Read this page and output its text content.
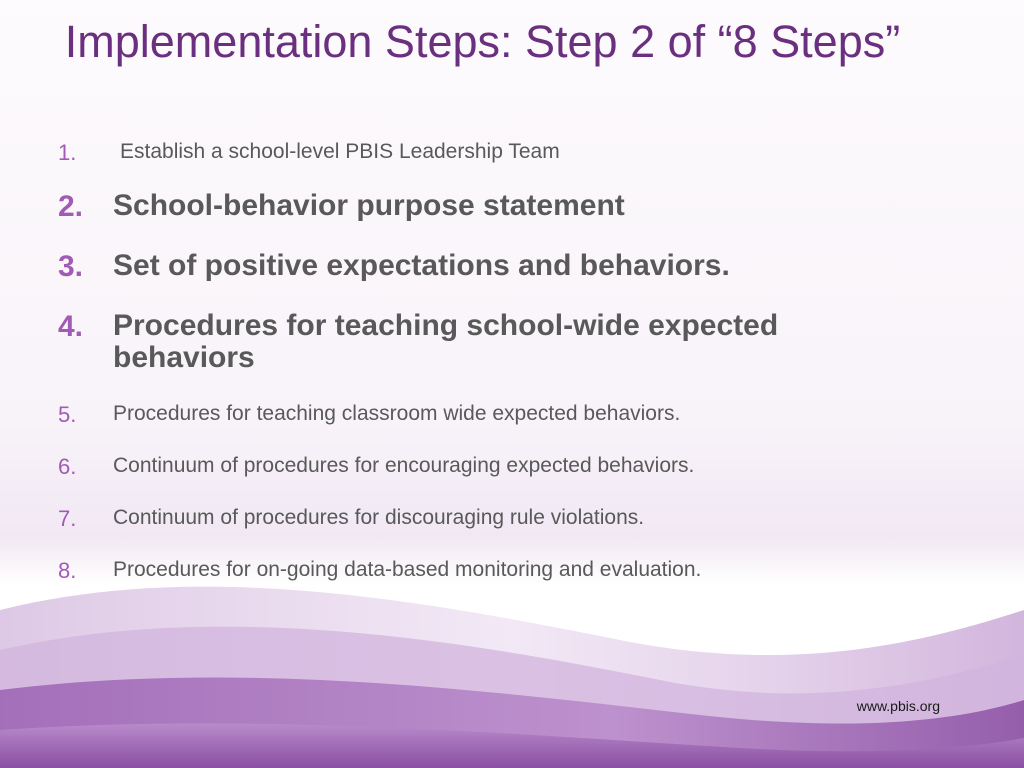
Implementation Steps: Step 2 of “8 Steps”
1. Establish a school-level PBIS Leadership Team
2. School-behavior purpose statement
3. Set of positive expectations and behaviors.
4. Procedures for teaching school-wide expected behaviors
5. Procedures for teaching classroom wide expected behaviors.
6. Continuum of procedures for encouraging expected behaviors.
7. Continuum of procedures for discouraging rule violations.
8. Procedures for on-going data-based monitoring and evaluation.
www.pbis.org
